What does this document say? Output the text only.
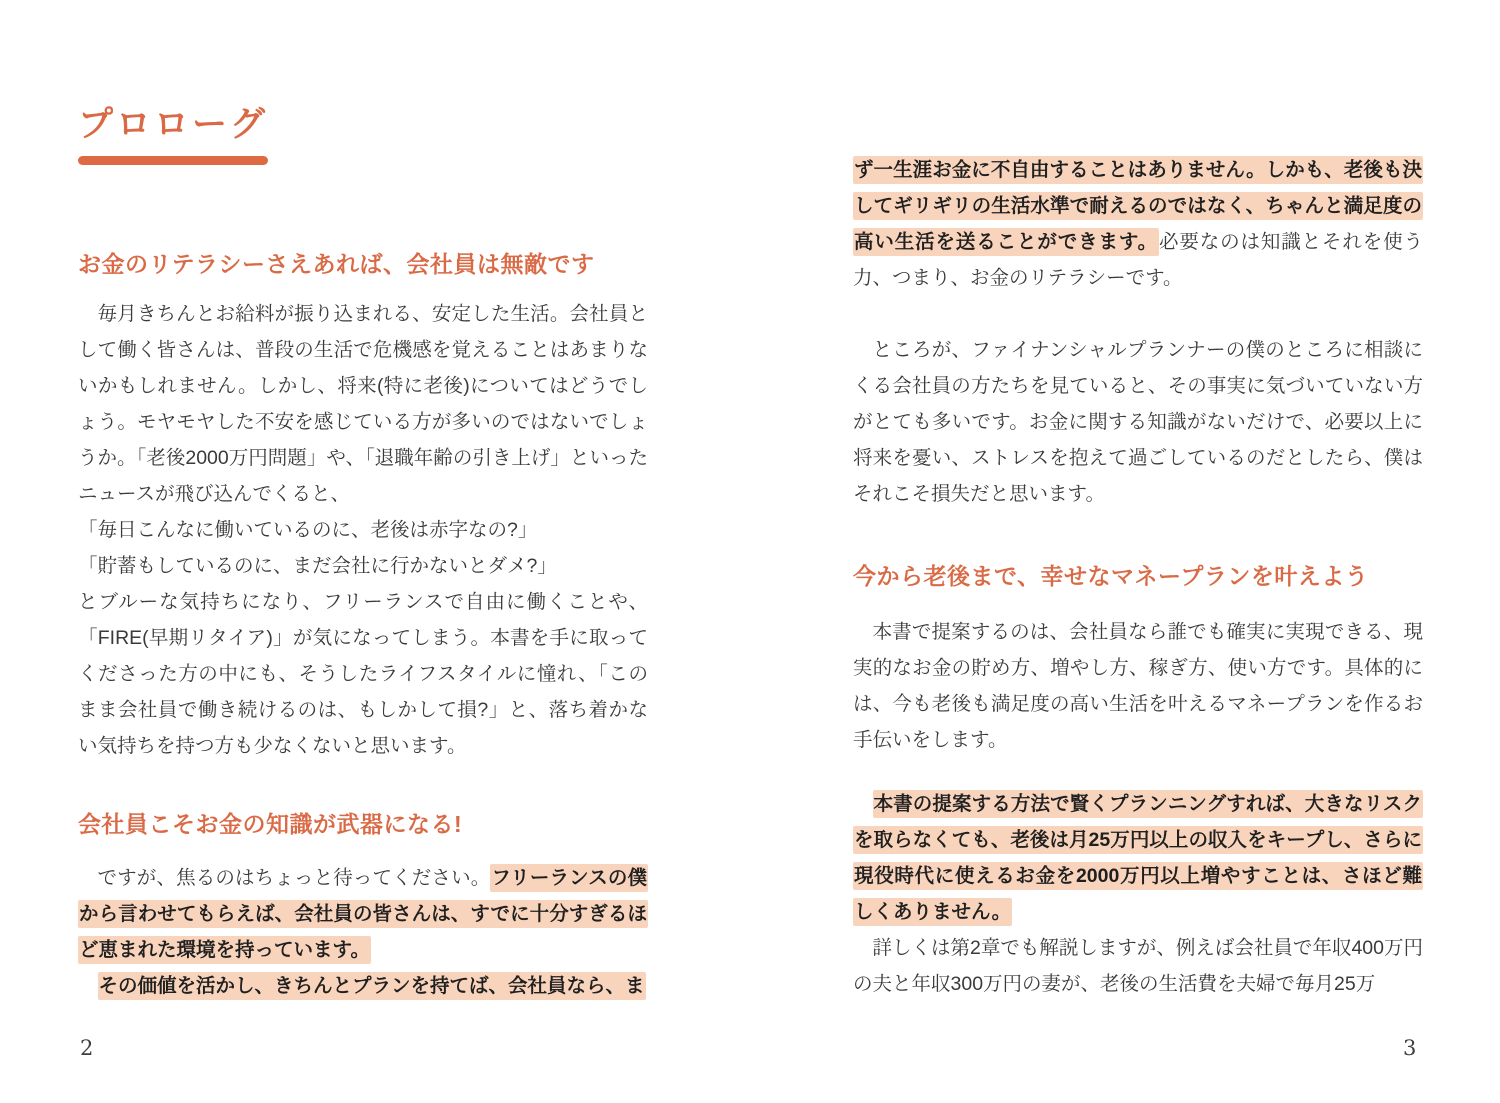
プロローグ
お金のリテラシーさえあれば、会社員は無敵です

毎月きちんとお給料が振り込まれる、安定した生活。会社員として働く皆さんは、普段の生活で危機感を覚えることはあまりないかもしれません。しかし、将来(特に老後)についてはどうでしょう。モヤモヤした不安を感じている方が多いのではないでしょうか。「老後2000万円問題」や、「退職年齢の引き上げ」といったニュースが飛び込んでくると、

「毎日こんなに働いているのに、老後は赤字なの?」

「貯蓄もしているのに、まだ会社に行かないとダメ?」

とブルーな気持ちになり、フリーランスで自由に働くことや、「FIRE(早期リタイア)」が気になってしまう。本書を手に取ってくださった方の中にも、そうしたライフスタイルに憧れ、「このまま会社員で働き続けるのは、もしかして損?」と、落ち着かない気持ちを持つ方も少なくないと思います。

会社員こそお金の知識が武器になる!

ですが、焦るのはちょっと待ってください。フリーランスの僕から言わせてもらえば、会社員の皆さんは、すでに十分すぎるほど恵まれた環境を持っています。

その価値を活かし、きちんとプランを持てば、会社員なら、ま

ず一生涯お金に不自由することはありません。しかも、老後も決してギリギリの生活水準で耐えるのではなく、ちゃんと満足度の高い生活を送ることができます。必要なのは知識とそれを使う力、つまり、お金のリテラシーです。

ところが、ファイナンシャルプランナーの僕のところに相談にくる会社員の方たちを見ていると、その事実に気づいていない方がとても多いです。お金に関する知識がないだけで、必要以上に将来を憂い、ストレスを抱えて過ごしているのだとしたら、僕はそれこそ損失だと思います。

今から老後まで、幸せなマネープランを叶えよう

本書で提案するのは、会社員なら誰でも確実に実現できる、現実的なお金の貯め方、増やし方、稼ぎ方、使い方です。具体的には、今も老後も満足度の高い生活を叶えるマネープランを作るお手伝いをします。

本書の提案する方法で賢くプランニングすれば、大きなリスクを取らなくても、老後は月25万円以上の収入をキープし、さらに現役時代に使えるお金を2000万円以上増やすことは、さほど難しくありません。

詳しくは第2章でも解説しますが、例えば会社員で年収400万円の夫と年収300万円の妻が、老後の生活費を夫婦で毎月25万

2	3
